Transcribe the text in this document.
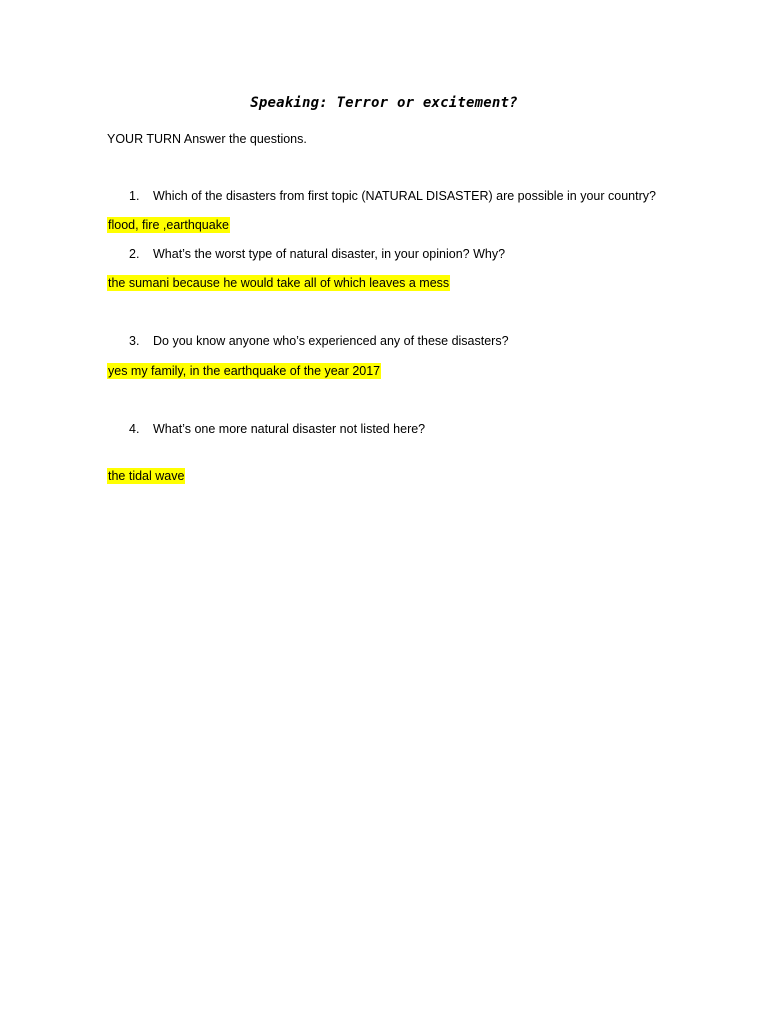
Speaking: Terror or excitement?
YOUR TURN Answer the questions.
1. Which of the disasters from first topic (NATURAL DISASTER) are possible in your country?
flood, fire ,earthquake
2. What’s the worst type of natural disaster, in your opinion? Why?
the sumani because he would take all of which leaves a mess
3. Do you know anyone who’s experienced any of these disasters?
yes my family, in the earthquake of the year 2017
4. What’s one more natural disaster not listed here?
the tidal wave
